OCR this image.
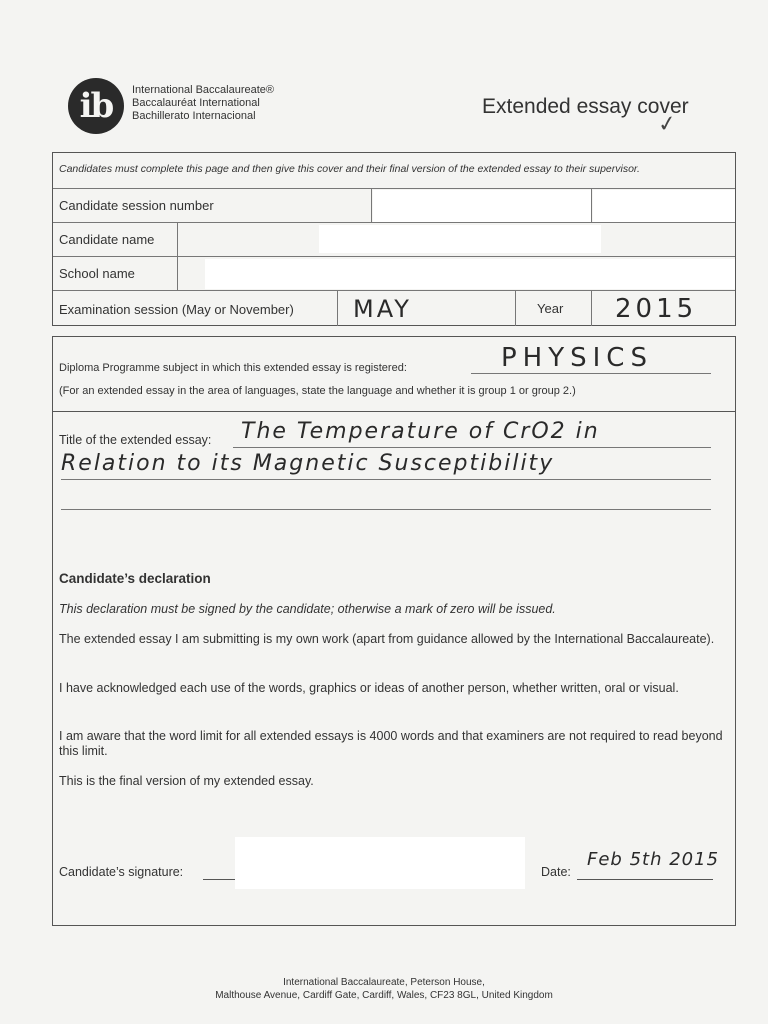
ib International Baccalaureate®
Baccalauréat International
Bachillerato Internacional	Extended essay cover
✓
Candidates must complete this page and then give this cover and their final version of the extended essay to their supervisor.
Candidate session number
Candidate name
School name
Examination session (May or November) MAY	Year 2015
Diploma Programme subject in which this extended essay is registered:	PHYSICS
(For an extended essay in the area of languages, state the language and whether it is group 1 or group 2.)
Title of the extended essay: The Temperature of CrO2 in
Relation to its Magnetic Susceptibility
Candidate’s declaration
This declaration must be signed by the candidate; otherwise a mark of zero will be issued.
The extended essay I am submitting is my own work (apart from guidance allowed by the International Baccalaureate).
I have acknowledged each use of the words, graphics or ideas of another person, whether written, oral or visual.
I am aware that the word limit for all extended essays is 4000 words and that examiners are not required to read beyond this limit.
This is the final version of my extended essay.
Candidate’s signature:	Date:
Feb 5th 2015
International Baccalaureate, Peterson House,
Malthouse Avenue, Cardiff Gate, Cardiff, Wales, CF23 8GL, United Kingdom
